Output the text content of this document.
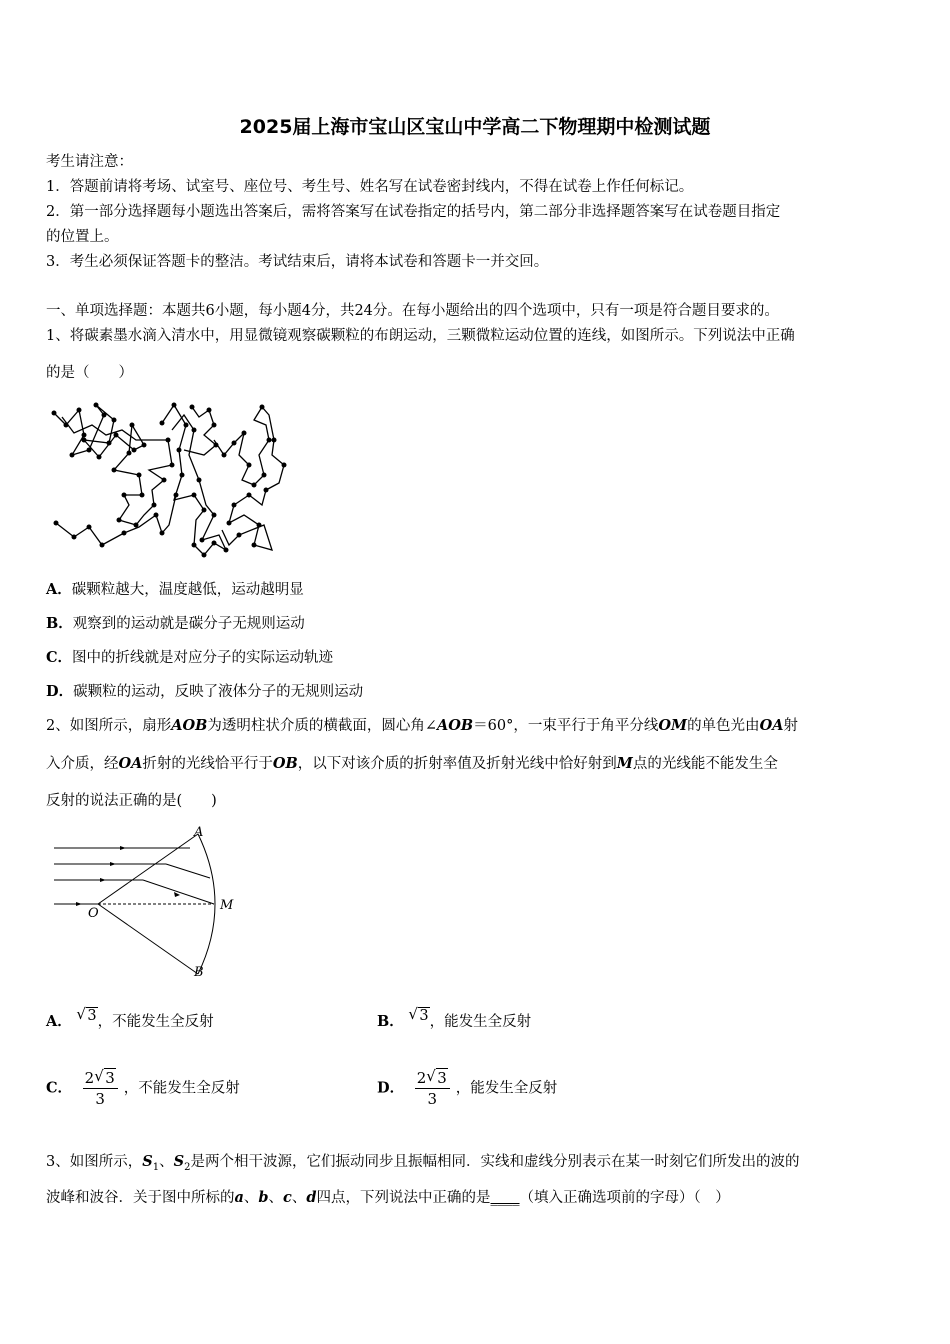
2025届上海市宝山区宝山中学高二下物理期中检测试题
考生请注意：
1．答题前请将考场、试室号、座位号、考生号、姓名写在试卷密封线内，不得在试卷上作任何标记。
2．第一部分选择题每小题选出答案后，需将答案写在试卷指定的括号内，第二部分非选择题答案写在试卷题目指定
的位置上。
3．考生必须保证答题卡的整洁。考试结束后，请将本试卷和答题卡一并交回。
一、单项选择题：本题共6小题，每小题4分，共24分。在每小题给出的四个选项中，只有一项是符合题目要求的。
1、将碳素墨水滴入清水中，用显微镜观察碳颗粒的布朗运动，三颗微粒运动位置的连线，如图所示。下列说法中正确
的是（　　）
A．碳颗粒越大，温度越低，运动越明显
B．观察到的运动就是碳分子无规则运动
C．图中的折线就是对应分子的实际运动轨迹
D．碳颗粒的运动，反映了液体分子的无规则运动
2、如图所示，扇形AOB为透明柱状介质的横截面，圆心角∠AOB＝60°，一束平行于角平分线OM的单色光由OA射
入介质，经OA折射的光线恰平行于OB，以下对该介质的折射率值及折射光线中恰好射到M点的光线能不能发生全
反射的说法正确的是(　　)
A
O
M
B
A． √ 3，不能发生全反射	B． √ 3，能发生全反射
C． $\frac{2 √ 3}{3}$ ，不能发生全反射	D． $\frac{2 √ 3}{3}$ ，能发生全反射
3、如图所示，$S_1$、$S_2$是两个相干波源，它们振动同步且振幅相同．实线和虚线分别表示在某一时刻它们所发出的波的
波峰和波谷．关于图中所标的a、b、c、d四点，下列说法中正确的是____（填入正确选项前的字母）（　）
